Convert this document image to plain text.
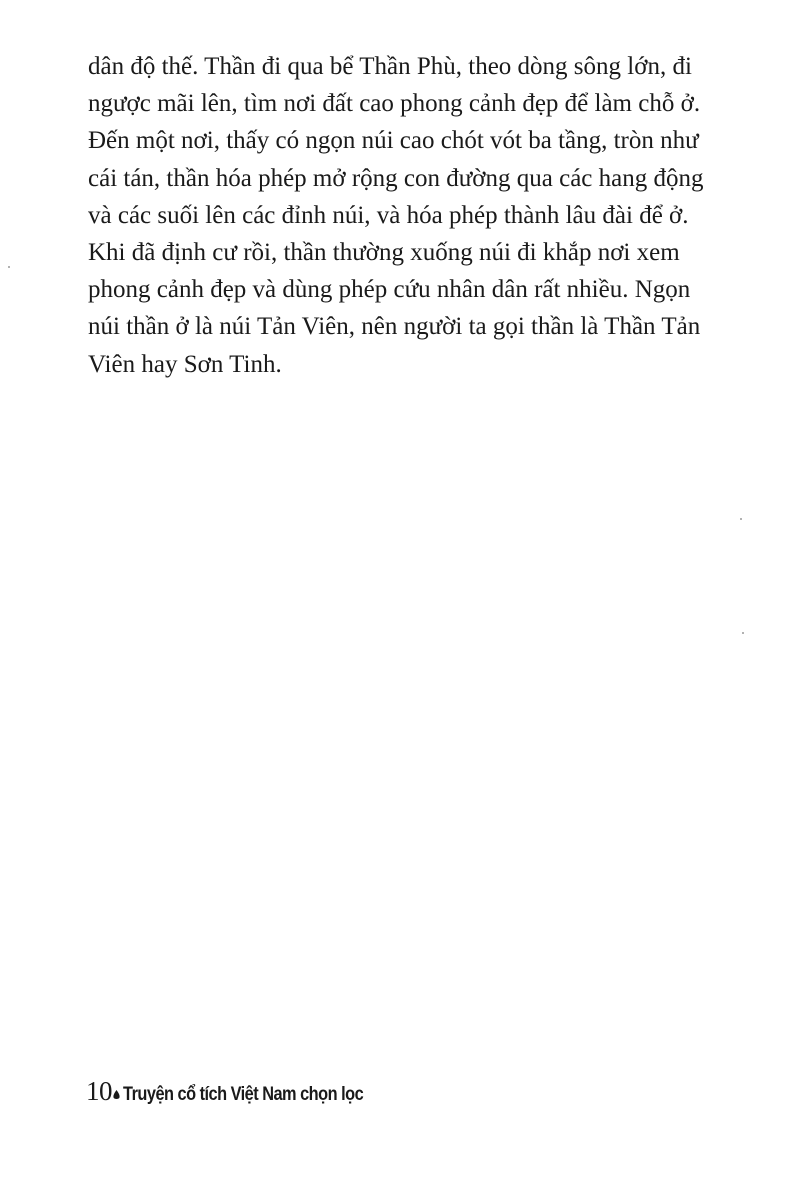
dân độ thế. Thần đi qua bể Thần Phù, theo dòng sông lớn, đi
ngược mãi lên, tìm nơi đất cao phong cảnh đẹp để làm chỗ ở.
Đến một nơi, thấy có ngọn núi cao chót vót ba tầng, tròn như
cái tán, thần hóa phép mở rộng con đường qua các hang động
và các suối lên các đỉnh núi, và hóa phép thành lâu đài để ở.
Khi đã định cư rồi, thần thường xuống núi đi khắp nơi xem
phong cảnh đẹp và dùng phép cứu nhân dân rất nhiều. Ngọn
núi thần ở là núi Tản Viên, nên người ta gọi thần là Thần Tản
Viên hay Sơn Tinh.

10 Truyện cổ tích Việt Nam chọn lọc
